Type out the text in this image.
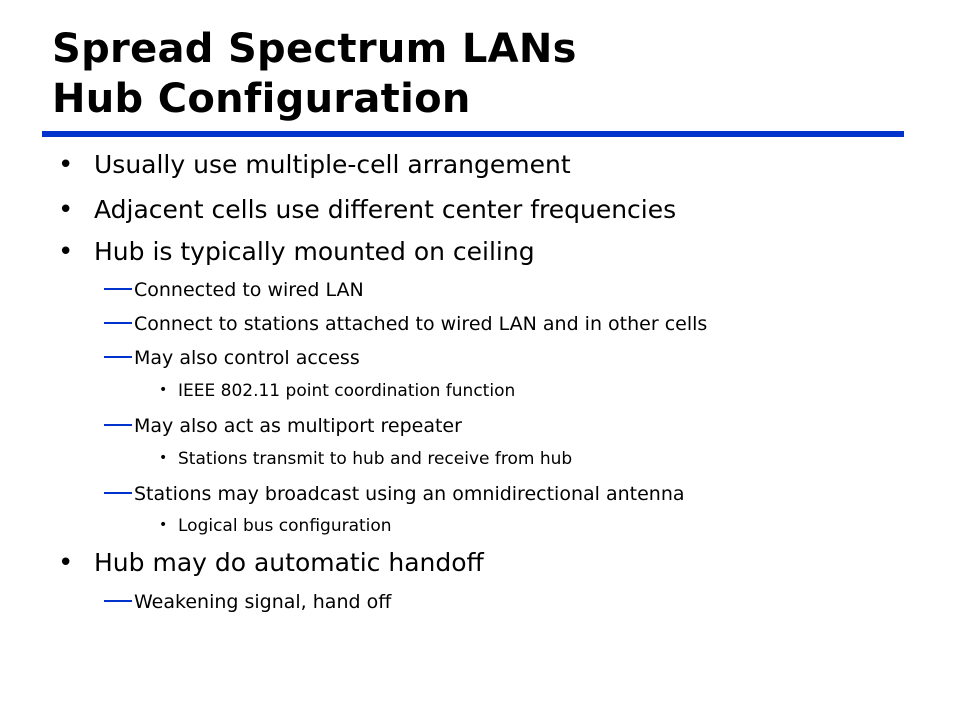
Spread Spectrum LANs
Hub Configuration
• Usually use multiple-cell arrangement
• Adjacent cells use different center frequencies
• Hub is typically mounted on ceiling
Connected to wired LAN
Connect to stations attached to wired LAN and in other cells
May also control access
• IEEE 802.11 point coordination function
May also act as multiport repeater
• Stations transmit to hub and receive from hub
Stations may broadcast using an omnidirectional antenna
• Logical bus configuration
• Hub may do automatic handoff
Weakening signal, hand off
